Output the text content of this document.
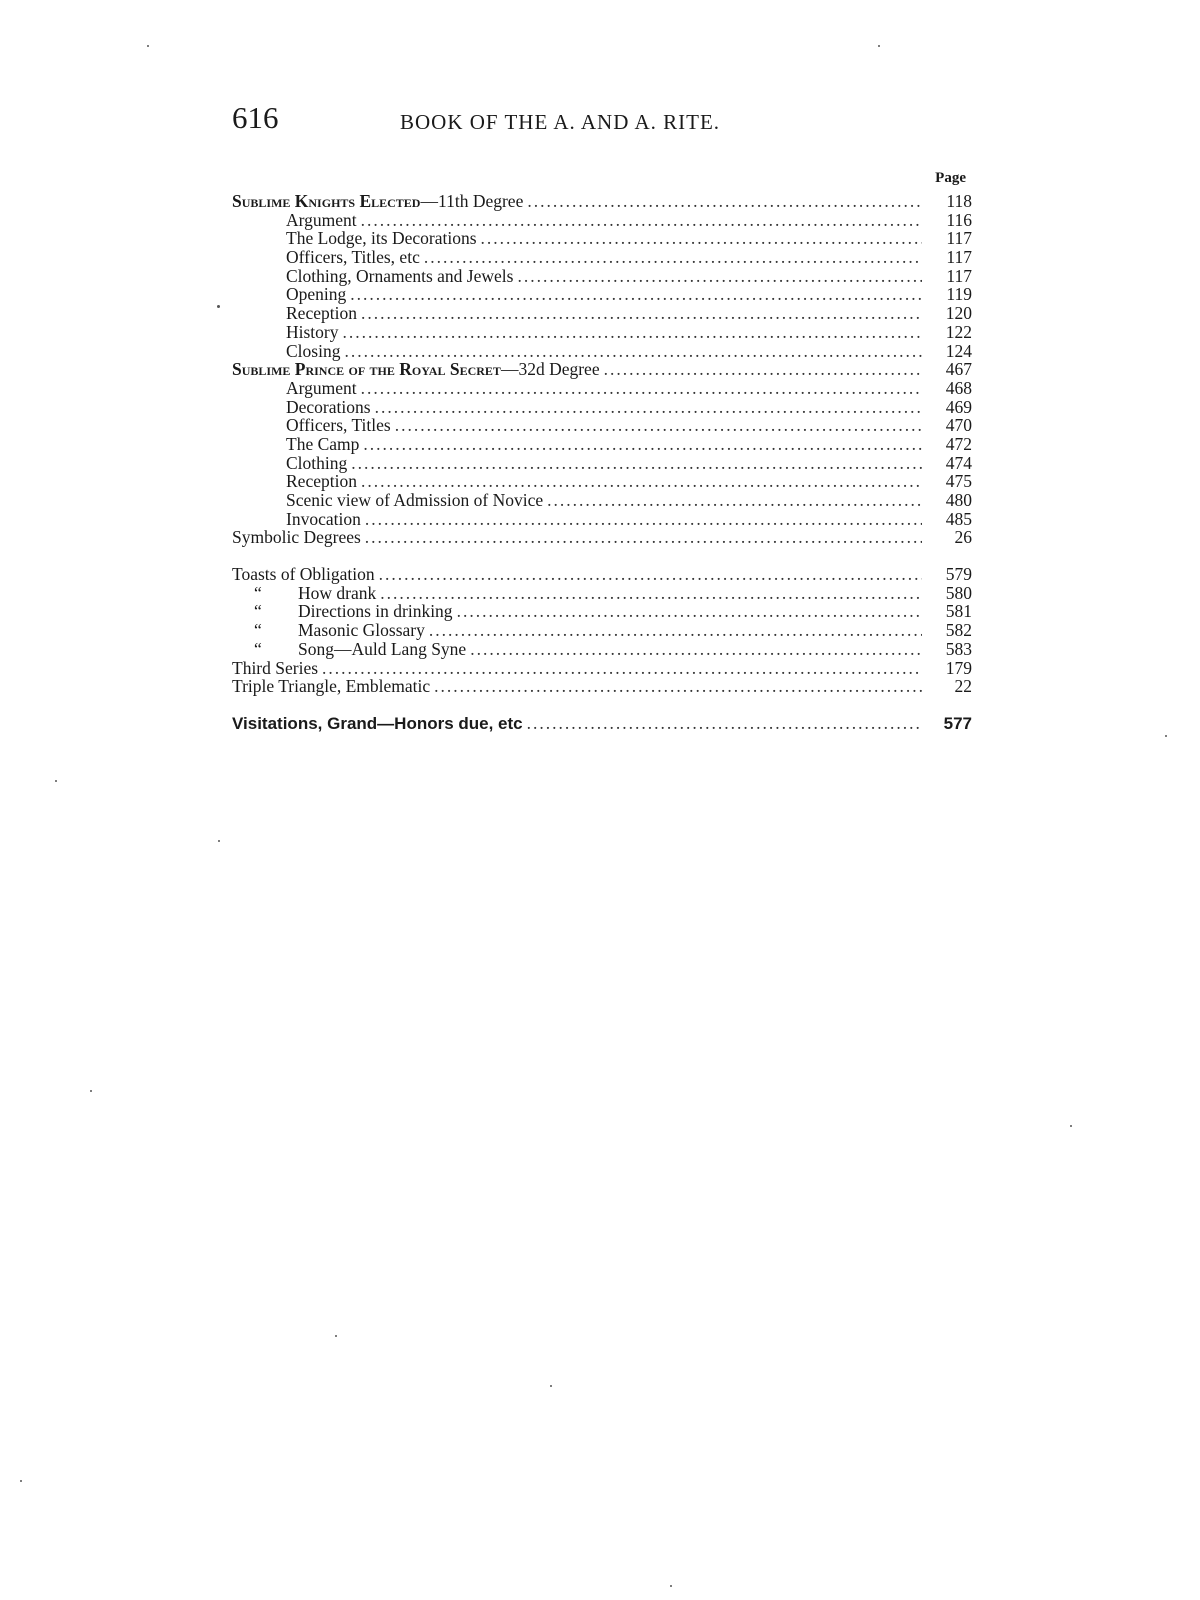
616	BOOK OF THE A. AND A. RITE.
Page
Sublime Knights Elected—11th Degree .....	118
Argument .....	116
The Lodge, its Decorations .....	117
Officers, Titles, etc .....	117
Clothing, Ornaments and Jewels .....	117
Opening .....	119
Reception .....	120
History .....	122
Closing .....	124
Sublime Prince of the Royal Secret—32d Degree .....	467
Argument .....	468
Decorations .....	469
Officers, Titles .....	470
The Camp .....	472
Clothing .....	474
Reception .....	475
Scenic view of Admission of Novice .....	480
Invocation .....	485
Symbolic Degrees .....	26
Toasts of Obligation .....	579
“ How drank .....	580
“ Directions in drinking .....	581
“ Masonic Glossary .....	582
“ Song—Auld Lang Syne .....	583
Third Series .....	179
Triple Triangle, Emblematic .....	22
Visitations, Grand—Honors due, etc .....	577
